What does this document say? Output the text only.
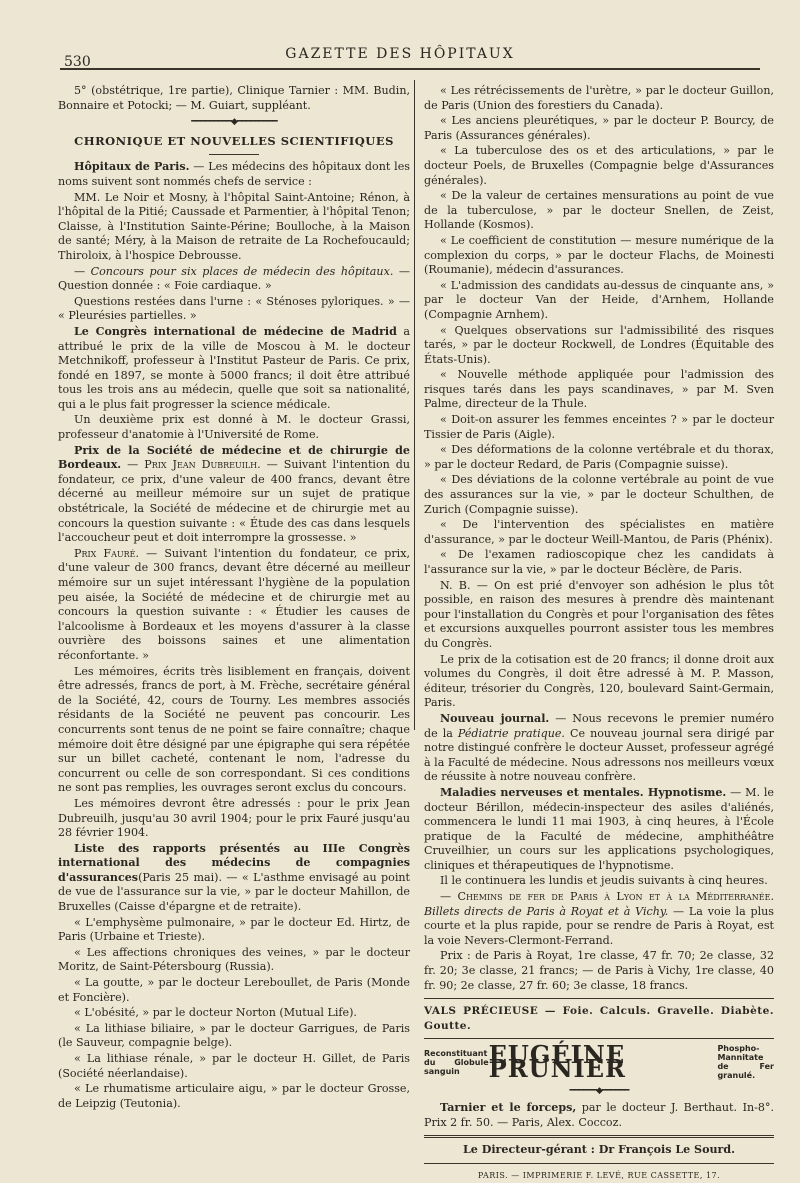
530	GAZETTE DES HÔPITAUX

5° (obstétrique, 1re partie), Clinique Tarnier : MM. Budin, Bonnaire et Potocki; — M. Guiart, suppléant.

━━━━━━━━━◆━━━━━━━━━
CHRONIQUE ET NOUVELLES SCIENTIFIQUES

Hôpitaux de Paris. — Les médecins des hôpitaux dont les noms suivent sont nommés chefs de service :

MM. Le Noir et Mosny, à l'hôpital Saint-Antoine; Rénon, à l'hôpital de la Pitié; Caussade et Parmentier, à l'hôpital Tenon; Claisse, à l'Institution Sainte-Périne; Boulloche, à la Maison de santé; Méry, à la Maison de retraite de La Rochefoucauld; Thiroloix, à l'hospice Debrousse.

— Concours pour six places de médecin des hôpitaux. — Question donnée : « Foie cardiaque. »

Questions restées dans l'urne : « Sténoses pyloriques. » — « Pleurésies partielles. »

Le Congrès international de médecine de Madrid a attribué le prix de la ville de Moscou à M. le docteur Metchnikoff, professeur à l'Institut Pasteur de Paris. Ce prix, fondé en 1897, se monte à 5000 francs; il doit être attribué tous les trois ans au médecin, quelle que soit sa nationalité, qui a le plus fait progresser la science médicale.

Un deuxième prix est donné à M. le docteur Grassi, professeur d'anatomie à l'Université de Rome.

Prix de la Société de médecine et de chirurgie de Bordeaux. — Prix Jean Dubreuilh. — Suivant l'intention du fondateur, ce prix, d'une valeur de 400 francs, devant être décerné au meilleur mémoire sur un sujet de pratique obstétricale, la Société de médecine et de chirurgie met au concours la question suivante : « Étude des cas dans lesquels l'accoucheur peut et doit interrompre la grossesse. »

Prix Fauré. — Suivant l'intention du fondateur, ce prix, d'une valeur de 300 francs, devant être décerné au meilleur mémoire sur un sujet intéressant l'hygiène de la population peu aisée, la Société de médecine et de chirurgie met au concours la question suivante : « Étudier les causes de l'alcoolisme à Bordeaux et les moyens d'assurer à la classe ouvrière des boissons saines et une alimentation réconfortante. »

Les mémoires, écrits très lisiblement en français, doivent être adressés, francs de port, à M. Frèche, secrétaire général de la Société, 42, cours de Tourny. Les membres associés résidants de la Société ne peuvent pas concourir. Les concurrents sont tenus de ne point se faire connaître; chaque mémoire doit être désigné par une épigraphe qui sera répétée sur un billet cacheté, contenant le nom, l'adresse du concurrent ou celle de son correspondant. Si ces conditions ne sont pas remplies, les ouvrages seront exclus du concours.

Les mémoires devront être adressés : pour le prix Jean Dubreuilh, jusqu'au 30 avril 1904; pour le prix Fauré jusqu'au 28 février 1904.

Liste des rapports présentés au IIIe Congrès international des médecins de compagnies d'assurances(Paris 25 mai). — « L'asthme envisagé au point de vue de l'assurance sur la vie, » par le docteur Mahillon, de Bruxelles (Caisse d'épargne et de retraite).

« L'emphysème pulmonaire, » par le docteur Ed. Hirtz, de Paris (Urbaine et Trieste).

« Les affections chroniques des veines, » par le docteur Moritz, de Saint-Pétersbourg (Russia).

« La goutte, » par le docteur Lereboullet, de Paris (Monde et Foncière).

« L'obésité, » par le docteur Norton (Mutual Life).

« La lithiase biliaire, » par le docteur Garrigues, de Paris (le Sauveur, compagnie belge).

« La lithiase rénale, » par le docteur H. Gillet, de Paris (Société néerlandaise).

« Le rhumatisme articulaire aigu, » par le docteur Grosse, de Leipzig (Teutonia).

« Les rétrécissements de l'urètre, » par le docteur Guillon, de Paris (Union des forestiers du Canada).

« Les anciens pleurétiques, » par le docteur P. Bourcy, de Paris (Assurances générales).

« La tuberculose des os et des articulations, » par le docteur Poels, de Bruxelles (Compagnie belge d'Assurances générales).

« De la valeur de certaines mensurations au point de vue de la tuberculose, » par le docteur Snellen, de Zeist, Hollande (Kosmos).

« Le coefficient de constitution — mesure numérique de la complexion du corps, » par le docteur Flachs, de Moinesti (Roumanie), médecin d'assurances.

« L'admission des candidats au-dessus de cinquante ans, » par le docteur Van der Heide, d'Arnhem, Hollande (Compagnie Arnhem).

« Quelques observations sur l'admissibilité des risques tarés, » par le docteur Rockwell, de Londres (Équitable des États-Unis).

« Nouvelle méthode appliquée pour l'admission des risques tarés dans les pays scandinaves, » par M. Sven Palme, directeur de la Thule.

« Doit-on assurer les femmes enceintes ? » par le docteur Tissier de Paris (Aigle).

« Des déformations de la colonne vertébrale et du thorax, » par le docteur Redard, de Paris (Compagnie suisse).

« Des déviations de la colonne vertébrale au point de vue des assurances sur la vie, » par le docteur Schulthen, de Zurich (Compagnie suisse).

« De l'intervention des spécialistes en matière d'assurance, » par le docteur Weill-Mantou, de Paris (Phénix).

« De l'examen radioscopique chez les candidats à l'assurance sur la vie, » par le docteur Béclère, de Paris.

N. B. — On est prié d'envoyer son adhésion le plus tôt possible, en raison des mesures à prendre dès maintenant pour l'installation du Congrès et pour l'organisation des fêtes et excursions auxquelles pourront assister tous les membres du Congrès.

Le prix de la cotisation est de 20 francs; il donne droit aux volumes du Congrès, il doit être adressé à M. P. Masson, éditeur, trésorier du Congrès, 120, boulevard Saint-Germain, Paris.

Nouveau journal. — Nous recevons le premier numéro de la Pédiatrie pratique. Ce nouveau journal sera dirigé par notre distingué confrère le docteur Ausset, professeur agrégé à la Faculté de médecine. Nous adressons nos meilleurs vœux de réussite à notre nouveau confrère.

Maladies nerveuses et mentales. Hypnotisme. — M. le docteur Bérillon, médecin-inspecteur des asiles d'aliénés, commencera le lundi 11 mai 1903, à cinq heures, à l'École pratique de la Faculté de médecine, amphithéâtre Cruveilhier, un cours sur les applications psychologiques, cliniques et thérapeutiques de l'hypnotisme.

Il le continuera les lundis et jeudis suivants à cinq heures.

— Chemins de fer de Paris à Lyon et à la Méditerranée. Billets directs de Paris à Royat et à Vichy. — La voie la plus courte et la plus rapide, pour se rendre de Paris à Royat, est la voie Nevers-Clermont-Ferrand.

Prix : de Paris à Royat, 1re classe, 47 fr. 70; 2e classe, 32 fr. 20; 3e classe, 21 francs; — de Paris à Vichy, 1re classe, 40 fr. 90; 2e classe, 27 fr. 60; 3e classe, 18 francs.

VALS PRÉCIEUSE — Foie. Calculs. Gravelle. Diabète. Goutte.
Reconstituant du Globule sanguin
EUGÉINE PRUNIER
Phospho-Mannitate de Fer granulé.
━━━━━━◆━━━━━━

Tarnier et le forceps, par le docteur J. Berthaut. In-8°. Prix 2 fr. 50. — Paris, Alex. Coccoz.

Le Directeur-gérant : Dr François Le Sourd.

PARIS. — IMPRIMERIE F. LEVÉ, RUE CASSETTE, 17.
